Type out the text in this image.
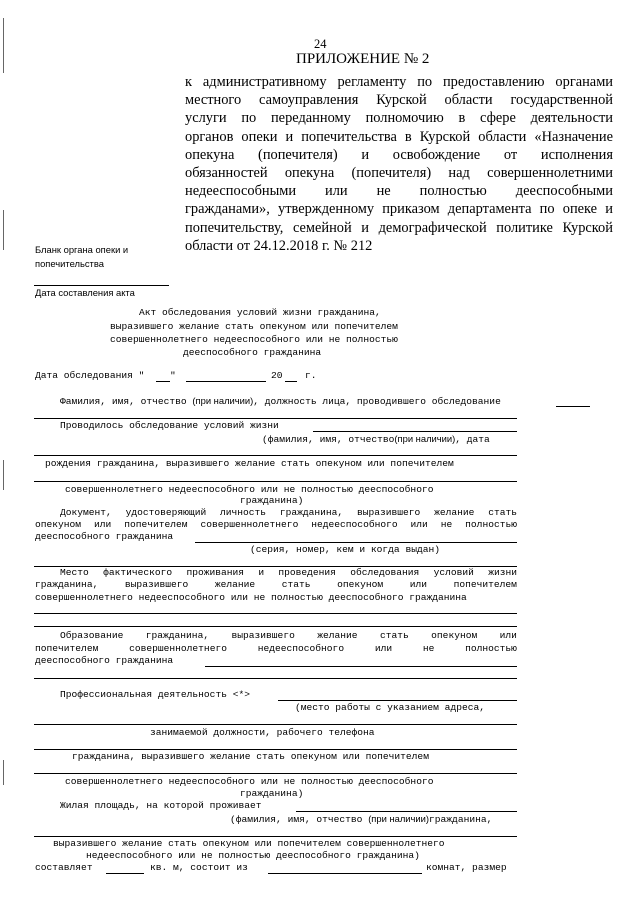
24
ПРИЛОЖЕНИЕ № 2
к административному регламенту по предоставлению органами
местного самоуправления Курской области государственной
услуги по переданному полномочию в сфере деятельности
органов опеки и попечительства в Курской области «Назначение
опекуна (попечителя) и освобождение от исполнения
обязанностей опекуна (попечителя) над совершеннолетними
недееспособными или не полностью дееспособными
гражданами», утвержденному приказом департамента по опеке и
попечительству, семейной и демографической политике Курской
области от 24.12.2018 г. № 212
Бланк органа опеки и
попечительства
Дата составления акта
Акт обследования условий жизни гражданина,
выразившего желание стать опекуном или попечителем
совершеннолетнего недееспособного или не полностью
дееспособного гражданина
Дата обследования "	"	20 г.
Фамилия, имя, отчество (при наличии), должность лица, проводившего обследование
Проводилось обследование условий жизни
(фамилия, имя, отчество(при наличии), дата
рождения гражданина, выразившего желание стать опекуном или попечителем
совершеннолетнего недееспособного или не полностью дееспособного
гражданина)
Документ, удостоверяющий личность гражданина, выразившего желание стать
опекуном или попечителем совершеннолетнего недееспособного или не полностью
дееспособного гражданина
(серия, номер, кем и когда выдан)
Место фактического проживания и проведения обследования условий жизни
гражданина,	выразившего	желание	стать	опекуном	или	попечителем
совершеннолетнего недееспособного или не полностью дееспособного гражданина
Образование гражданина, выразившего желание стать опекуном или
попечителем	совершеннолетнего	недееспособного	или	не	полностью
дееспособного гражданина
Профессиональная деятельность <*>
(место работы с указанием адреса,
занимаемой должности, рабочего телефона
гражданина, выразившего желание стать опекуном или попечителем
совершеннолетнего недееспособного или не полностью дееспособного
гражданина)
Жилая площадь, на которой проживает
(фамилия, имя, отчество (при наличии)гражданина,
выразившего желание стать опекуном или попечителем совершеннолетнего
недееспособного или не полностью дееспособного гражданина)
составляет	кв. м, состоит из	комнат, размер
